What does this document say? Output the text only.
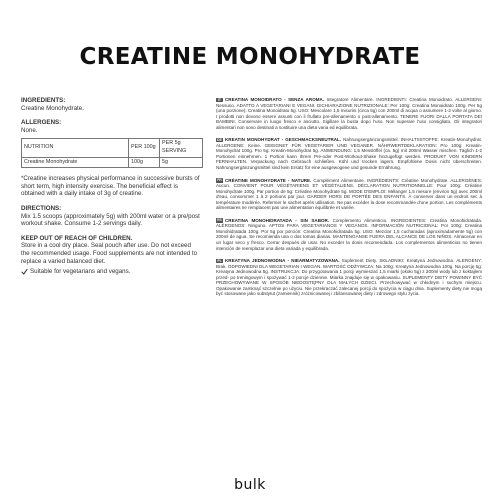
CREATINE MONOHYDRATE

INGREDIENTS:

Creatine Monohydrate.

ALLERGENS:

None.

NUTRITION	PER 100g	PER 5g SERVING
Creatine Monohydrate	100g	5g

*Creatine increases physical performance in successive bursts of short term, high intensity exercise. The beneficial effect is obtained with a daily intake of 3g of creatine.

DIRECTIONS:

Mix 1.5 scoops (approximately 5g) with 200ml water or a pre/post workout shake. Consume 1-2 servings daily.

KEEP OUT OF REACH OF CHILDREN.

Store in a cool dry place. Seal pouch after use. Do not exceed the recommended usage. Food supplements are not intended to replace a varied balanced diet.

Suitable for vegetarians and vegans.

IT CREATINA MONOIDRATO - SENZA AROMA. Integratore Alimentare. INGREDIENTI: Creatina Monoidrato. ALLERGENI: Nessuno. ADATTO A VEGETARIANI E VEGANI. DICHIARAZIONE NUTRIZIONALE: Per 100g: Creatina Monoidrato 100g. Per 5g (una porzione): Creatina Monoidrato 5g. USO: Mescolare 1,5 misurini (circa 5g) con 200ml di acqua o assumere 1-2 volte al giorno. I prodotti non devono essere assunti con il frullato pre-allenamento o post-allenamento. TENERE FUORI DALLA PORTATA DEI BAMBINI. Conservare in luogo fresco e asciutto. Sigillare la busta dopo l'uso. Non superare l'uso consigliato. Gli integratori alimentari non sono destinati a sostituire una dieta varia ed equilibrata.

DE KREATIN MONOHYDRAT - GESCHMACKSNEUTRAL. Nahrungsergänzungsmittel. INHALTSSTOFFE: Kreatin-Monohydrat. ALLERGENE: Keine. GEEIGNET FÜR VEGETARIER UND VEGANER. NÄHRWERTDEKLARATION: Pro 100g: Kreatin-Monohydrat 100g. Pro 5g: Kreatin-Monohydrat 5g. ANWENDUNG: 1,5 Messlöffel (ca. 5g) mit 200ml Wasser mischen. Täglich 1-2 Portionen einnehmen. 1 Portion kann Ihrem Pre-oder Post-Workout-Shake hinzugefügt werden. PRODUKT VON KINDERN FERNHALTEN. Verpackung nach Gebrauch schließen. Kühl und trocken lagern. Empfohlene Dosis nicht überschreiten. Nahrungsergänzungsmittel sind kein Ersatz für eine ausgewogene und gesunde Ernährung.

FR CRÉATINE MONOHYDRATE - NATURE. Complément Alimentaire. INGRÉDIENTS: Créatine Monohydrate. ALLERGÈNES: Aucun. CONVIENT POUR VÉGÉTARIENS ET VÉGÉTALIENS. DÉCLARATION NUTRITIONNELLE: Pour 100g: Créatine Monohydrate 100g. Par portion de 5g: Créatine Monohydrate 5g. MODE D'EMPLOI: Mélanger 1,5 mesure (environ 5g) avec 200ml d'eau, consommer 1 à 2 portions par jour. GARDER HORS DE PORTÉE DES ENFANTS. À conserver dans un endroit sec à température modérée. Refermer le sachet après utilisation. Ne pas excéder la dose recommandée d'une portion. Les compléments alimentaires ne remplacent pas une alimentation équilibrée et variée.

ES CREATINA MONOHIDRATADA - SIN SABOR. Complemento Alimenticio. INGREDIENTES: Creatina Monohidratada. ALÉRGENOS: Ninguno. APTOS PARA VEGETARIANOS Y VEGANOS. INFORMACIÓN NUTRICIONAL: Por 100g: Creatina Monohidratada 100g. Por 5g por porción: Creatina Monohidratada 5g. USO: Mezclar 1,5 cucharadas (aproximadamente 5g) con 200ml de agua. Se recomienda una o dos tomas diarias. MANTENGANSE FUERA DEL ALCANCE DE LOS NIÑOS. Almacenar en un lugar seco y fresco. Cerrar después de usar. No exceder la dosis recomendada. Los complementos alimenticios no tienen intención de reemplazar una dieta variada y equilibrada.

PL KREATYNA JEDNOWODNA - NIEARMATYZOWANA. Suplement Diety. SKŁADNIKI: Kreatyna Jednowodna. ALERGENY: Brak. ODPOWIEDNI DLA WEGETARIAN I WEGAN. WARTOŚĆ ODŻYWCZA: Na 100g: Kreatyna Jednowodna 100g. Na porcję 5g: Kreatyna Jednowodna 5g. INSTRUKCJA: Do przygotowania 1 porcji wymieszać 1,5 miarki (około 5g) z 200ml wody lub z koktajlem przed- po treningowym i spożywać 1-2 porcje dziennie. Miarka znajduje się w opakowaniu. SUPLEMENTY DIETY POWINNY BYĆ PRZECHOWYWANE W SPOSÓB NIEDOSTĘPNY DLA MAŁYCH DZIECI. Przechowywać w chłodnym i suchym miejscu. Opakowanie zamknąć szczelnie po użyciu. Nie przekraczać zalecanej porcji do spożycia w ciągu dnia. Suplementy diety nie mogą być stosowane jako substytut (zamiennik) zróżnicowanej i zbilansowanej diety i zdrowego stylu życia.

bulk
